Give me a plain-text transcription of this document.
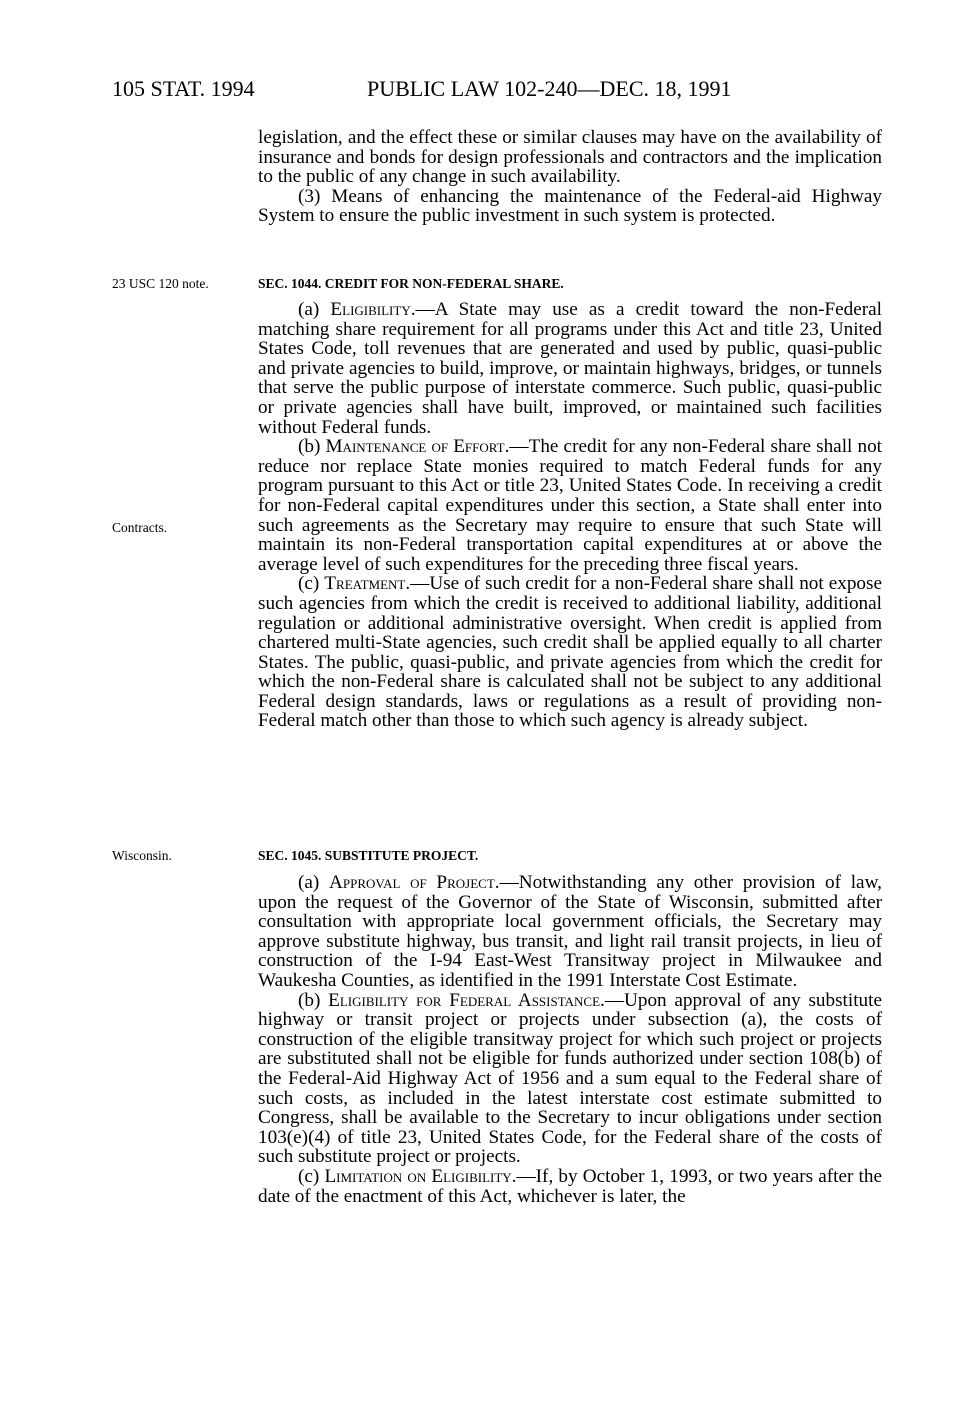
105 STAT. 1994	PUBLIC LAW 102-240—DEC. 18, 1991

legislation, and the effect these or similar clauses may have on the availability of insurance and bonds for design professionals and contractors and the implication to the public of any change in such availability.

(3) Means of enhancing the maintenance of the Federal-aid Highway System to ensure the public investment in such system is protected.

23 USC 120 note.	SEC. 1044. CREDIT FOR NON-FEDERAL SHARE.

(a) Eligibility.—A State may use as a credit toward the non-Federal matching share requirement for all programs under this Act and title 23, United States Code, toll revenues that are generated and used by public, quasi-public and private agencies to build, improve, or maintain highways, bridges, or tunnels that serve the public purpose of interstate commerce. Such public, quasi-public or private agencies shall have built, improved, or maintained such facilities without Federal funds.

(b) Maintenance of Effort.—The credit for any non-Federal share shall not reduce nor replace State monies required to match Federal funds for any program pursuant to this Act or title 23, United States Code. In receiving a credit for non-Federal capital expenditures under this section, a State shall enter into such agreements as the Secretary may require to ensure that such State will maintain its non-Federal transportation capital expenditures at or above the average level of such expenditures for the preceding three fiscal years.

(c) Treatment.—Use of such credit for a non-Federal share shall not expose such agencies from which the credit is received to additional liability, additional regulation or additional administrative oversight. When credit is applied from chartered multi-State agencies, such credit shall be applied equally to all charter States. The public, quasi-public, and private agencies from which the credit for which the non-Federal share is calculated shall not be subject to any additional Federal design standards, laws or regulations as a result of providing non-Federal match other than those to which such agency is already subject.

Contracts.
Wisconsin.	SEC. 1045. SUBSTITUTE PROJECT.

(a) Approval of Project.—Notwithstanding any other provision of law, upon the request of the Governor of the State of Wisconsin, submitted after consultation with appropriate local government officials, the Secretary may approve substitute highway, bus transit, and light rail transit projects, in lieu of construction of the I-94 East-West Transitway project in Milwaukee and Waukesha Counties, as identified in the 1991 Interstate Cost Estimate.

(b) Eligibility for Federal Assistance.—Upon approval of any substitute highway or transit project or projects under subsection (a), the costs of construction of the eligible transitway project for which such project or projects are substituted shall not be eligible for funds authorized under section 108(b) of the Federal-Aid Highway Act of 1956 and a sum equal to the Federal share of such costs, as included in the latest interstate cost estimate submitted to Congress, shall be available to the Secretary to incur obligations under section 103(e)(4) of title 23, United States Code, for the Federal share of the costs of such substitute project or projects.

(c) Limitation on Eligibility.—If, by October 1, 1993, or two years after the date of the enactment of this Act, whichever is later, the
